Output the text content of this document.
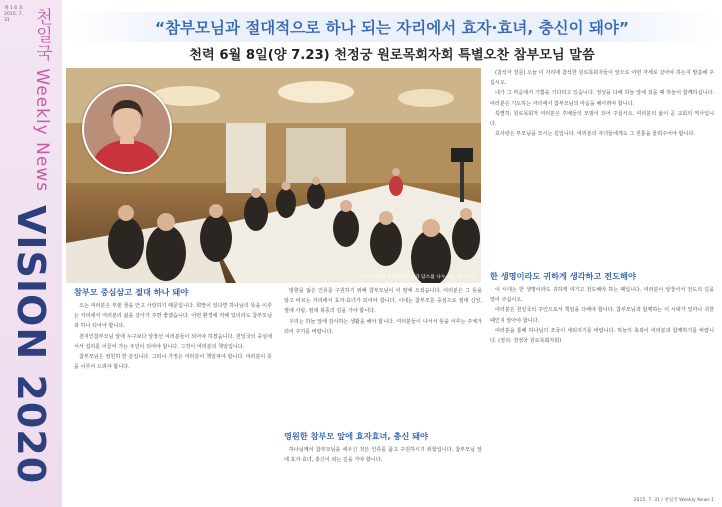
제 1 6 호 2015. 7. 31	천일국 Weekly News
VISION 2020
“참부모님과 절대적으로 하나 되는 자리에서 효자·효녀, 충신이 돼야”
천력 6월 8일(양 7.23) 천정궁 원로목회자회 특별오찬 참부모님 말씀
오찬을 하며 원로목회자들과 담소를 나누시는 참어머님
참부모 중심삼고 절대 하나 돼야

오는 여러분은 부푼 꿈을 안고 사랑하기 때문입니다. 희망이 있다면 하나님의 뜻을 이루는 자리에서 여러분의 삶을 살아가 주면 좋겠습니다. 어떤 환경에 처해 있더라도 참부모님과 하나 되어야 합니다.

천지인참부모님 앞에 누구보다 앞장선 여러분들이 되어야 하겠습니다. 천일국의 중심에 서서 섭리를 이끌어 가는 주인이 되어야 합니다. 그것이 여러분의 책임입니다.

참부모님은 영원히 한 분입니다. 그러나 가정은 여러분이 책임져야 합니다. 여러분이 뜻을 이루어 드려야 합니다.

방향을 잃은 인류를 구원하기 위해 참부모님이 이 땅에 오셨습니다. 여러분은 그 뜻을 알고 따르는 자리에서 효자·효녀가 되어야 합니다. 시대는 참부모를 중심으로 절대 신앙, 절대 사랑, 절대 복종의 길을 가야 합니다.

우리는 하늘 앞에 감사하는 생활을 해야 합니다. 여러분들이 나서서 뜻을 이루는 주체가 되어 주기를 바랍니다.

영원한 참부모 앞에 효자효녀, 충신 돼야

하나님께서 참부모님을 세우신 것은 인류를 품고 구원하시기 위함입니다. 참부모님 앞에 효자·효녀, 충신이 되는 길을 가야 합니다.

(참석자 질문) 오늘 이 자리에 참석한 원로목회자들이 앞으로 어떤 자세로 살아야 하는지 말씀해 주십시오.

내가 그 마음에서 기쁨을 기다리고 있습니다. 정성을 다해 하늘 앞에 섰을 때 하늘이 함께하십니다. 여러분은 기도하는 자리에서 참부모님의 마음을 헤아려야 합니다.

특별히, 원로목회자 여러분은 후배들의 모범이 되어 주십시오. 여러분의 삶이 곧 교회의 역사입니다.

효사랑은 부모님을 모시는 길입니다. 여러분의 자녀들에게도 그 전통을 물려주어야 합니다.

한 생명이라도 귀하게 생각하고 전도해야

이 시대는 한 생명이라도 귀하게 여기고 전도해야 하는 때입니다. 여러분이 앞장서서 전도의 길을 열어 주십시오.

여러분은 천일국의 주인으로서 책임을 다해야 합니다. 참부모님과 함께하는 이 시대가 얼마나 귀한 때인지 알아야 합니다.

여러분을 통해 하나님의 조국이 세워지기를 바랍니다. 하늘의 축복이 여러분과 함께하기를 바랍니다. (정리: 천정궁 원로목회자회)

2015. 7. 31 / 천일국 Weekly News 1
